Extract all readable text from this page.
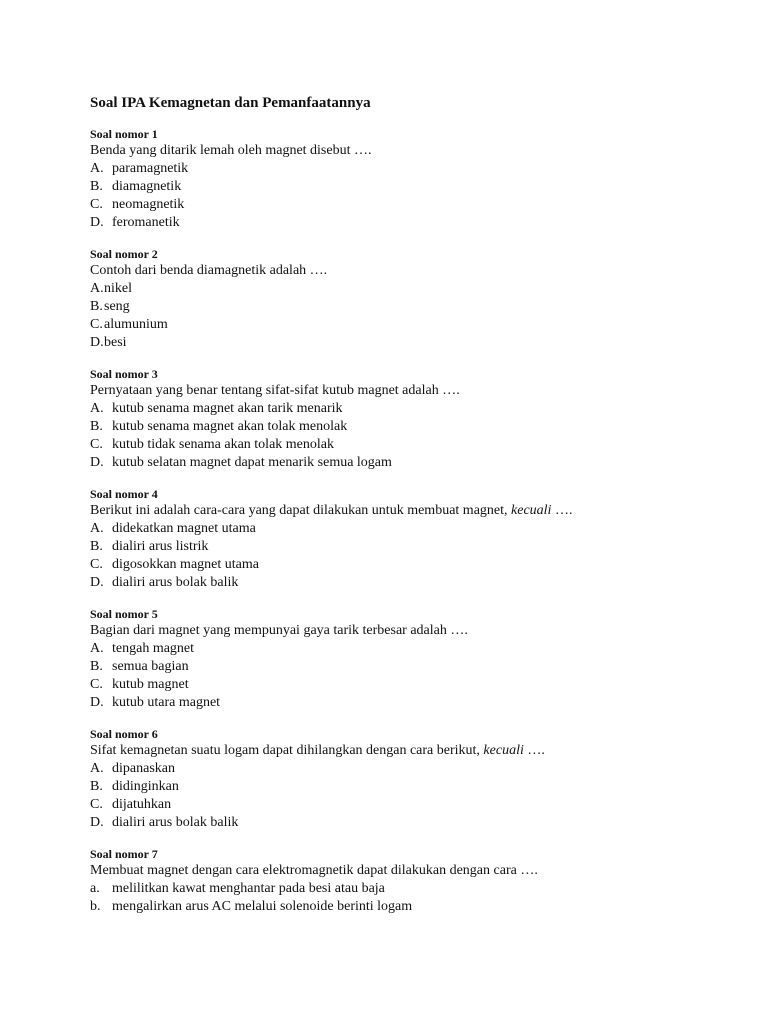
Soal IPA Kemagnetan dan Pemanfaatannya
Soal nomor 1
Benda yang ditarik lemah oleh magnet disebut ….
A. paramagnetik
B. diamagnetik
C. neomagnetik
D. feromanetik
Soal nomor 2
Contoh dari benda diamagnetik adalah ….
A.nikel
B.seng
C.alumunium
D.besi
Soal nomor 3
Pernyataan yang benar tentang sifat-sifat kutub magnet adalah ….
A. kutub senama magnet akan tarik menarik
B. kutub senama magnet akan tolak menolak
C. kutub tidak senama akan tolak menolak
D. kutub selatan magnet dapat menarik semua logam
Soal nomor 4
Berikut ini adalah cara-cara yang dapat dilakukan untuk membuat magnet, kecuali ….
A. didekatkan magnet utama
B. dialiri arus listrik
C. digosokkan magnet utama
D. dialiri arus bolak balik
Soal nomor 5
Bagian dari magnet yang mempunyai gaya tarik terbesar adalah ….
A. tengah magnet
B. semua bagian
C. kutub magnet
D. kutub utara magnet
Soal nomor 6
Sifat kemagnetan suatu logam dapat dihilangkan dengan cara berikut, kecuali ….
A. dipanaskan
B. didinginkan
C. dijatuhkan
D. dialiri arus bolak balik
Soal nomor 7
Membuat magnet dengan cara elektromagnetik dapat dilakukan dengan cara ….
a. melilitkan kawat menghantar pada besi atau baja
b. mengalirkan arus AC melalui solenoide berinti logam
